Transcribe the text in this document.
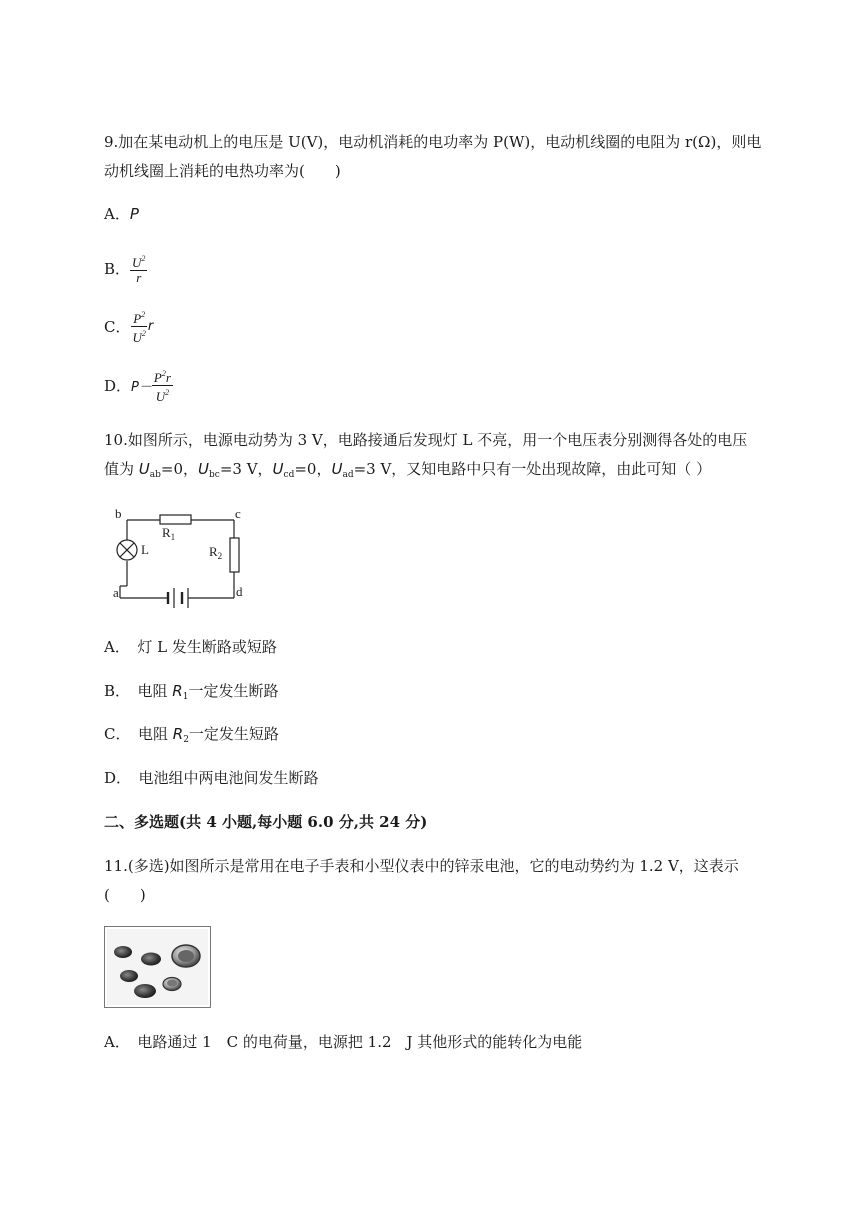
9.加在某电动机上的电压是 U(V)，电动机消耗的电功率为 P(W)，电动机线圈的电阻为 r(Ω)，则电
动机线圈上消耗的电热功率为(　　)
A．P
B． $\frac{U^2}{r}$
C． $\frac{P^2}{U^2}$ r
D． $P- \frac{P^2r}{U^2}$
10.如图所示，电源电动势为 3 V，电路接通后发现灯 L 不亮，用一个电压表分别测得各处的电压
值为 $U_{ab}=0$，$U_{bc}=3$ V，$U_{cd}=0$，$U_{ad}=3$ V，又知电路中只有一处出现故障，由此可知（ ）
b	c
a	d
L
$R_1$
$R_2$
A．　灯 L 发生断路或短路
B．　电阻 $R_1$一定发生断路
C．　电阻 $R_2$一定发生短路
D．　电池组中两电池间发生断路
二、多选题(共 4 小题,每小题 6.0 分,共 24 分)
11.(多选)如图所示是常用在电子手表和小型仪表中的锌汞电池，它的电动势约为 1.2 V，这表示
(　　)
A．　电路通过 1　C 的电荷量，电源把 1.2　J 其他形式的能转化为电能
